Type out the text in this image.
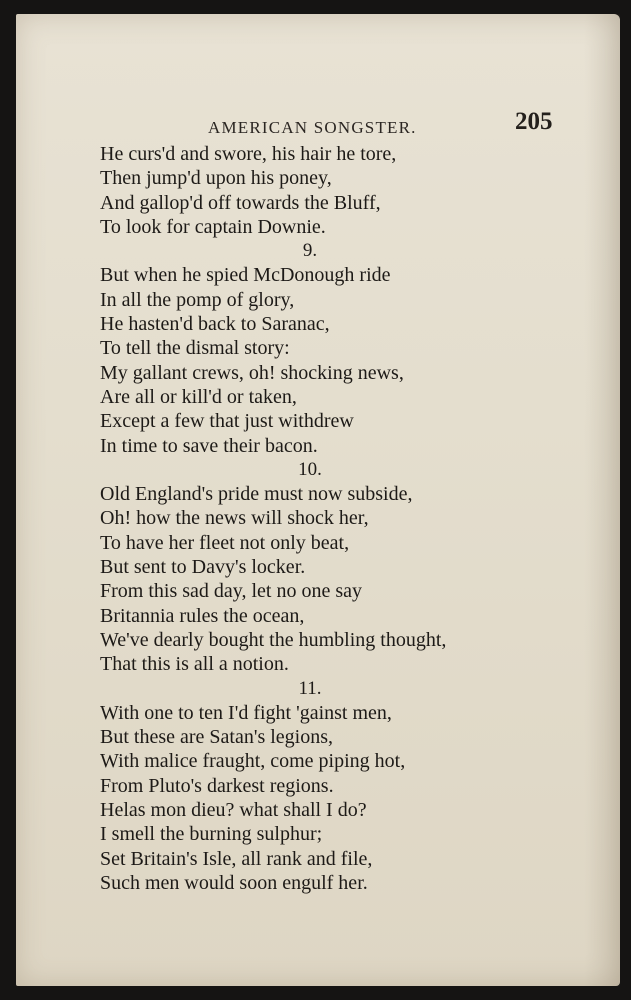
AMERICAN SONGSTER.	205
He curs'd and swore, his hair he tore,
Then jump'd upon his poney,
And gallop'd off towards the Bluff,
To look for captain Downie.
9.
But when he spied McDonough ride
In all the pomp of glory,
He hasten'd back to Saranac,
To tell the dismal story:
My gallant crews, oh! shocking news,
Are all or kill'd or taken,
Except a few that just withdrew
In time to save their bacon.
10.
Old England's pride must now subside,
Oh! how the news will shock her,
To have her fleet not only beat,
But sent to Davy's locker.
From this sad day, let no one say
Britannia rules the ocean,
We've dearly bought the humbling thought,
That this is all a notion.
11.
With one to ten I'd fight 'gainst men,
But these are Satan's legions,
With malice fraught, come piping hot,
From Pluto's darkest regions.
Helas mon dieu? what shall I do?
I smell the burning sulphur;
Set Britain's Isle, all rank and file,
Such men would soon engulf her.
